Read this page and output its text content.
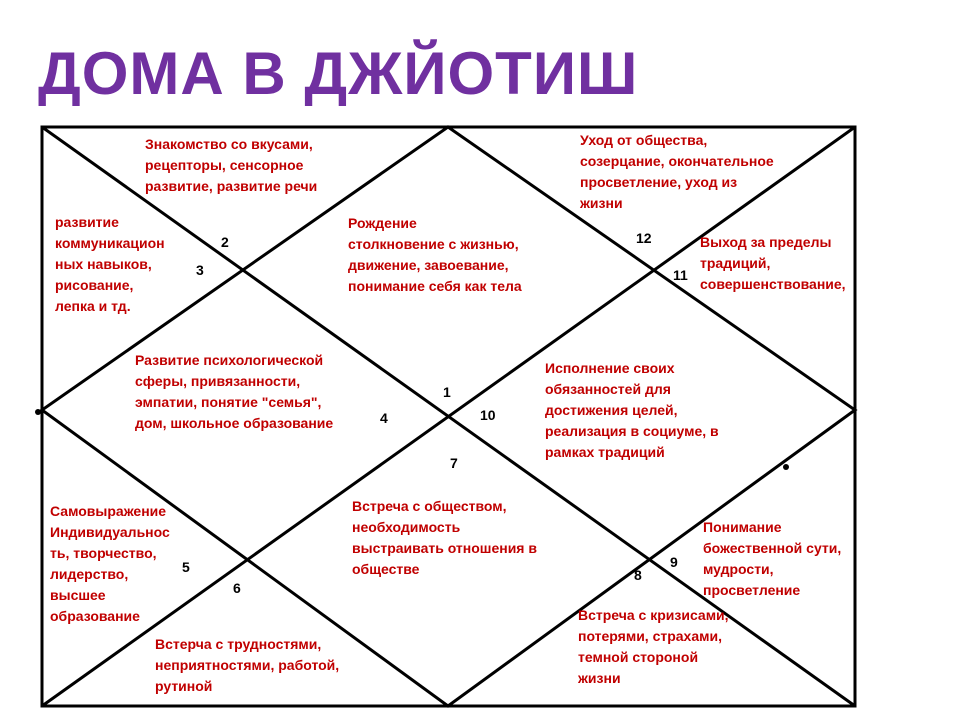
ДОМА В ДЖЙОТИШ
Рождение
столкновение с жизнью,
движение, завоевание,
понимание себя как тела
Знакомство со вкусами,
рецепторы, сенсорное
развитие, развитие речи
развитие
коммуникацион
ных навыков,
рисование,
лепка и тд.
Развитие психологической
сферы, привязанности,
эмпатии, понятие "семья",
дом, школьное образование
Самовыражение
Индивидуальнос
ть, творчество,
лидерство,
высшее
образование
Встерча с трудностями,
неприятностями, работой,
рутиной
Встреча с обществом,
необходимость
выстраивать отношения в
обществе
Встреча с кризисами,
потерями, страхами,
темной стороной
жизни
Понимание
божественной сути,
мудрости,
просветление
Исполнение своих
обязанностей для
достижения целей,
реализация в социуме, в
рамках традиций
Выход за пределы
традиций,
совершенствование,
Уход от общества,
созерцание, окончательное
просветление, уход из
жизни
1
2
3
4
5
6
7
8
9
10
11
12
